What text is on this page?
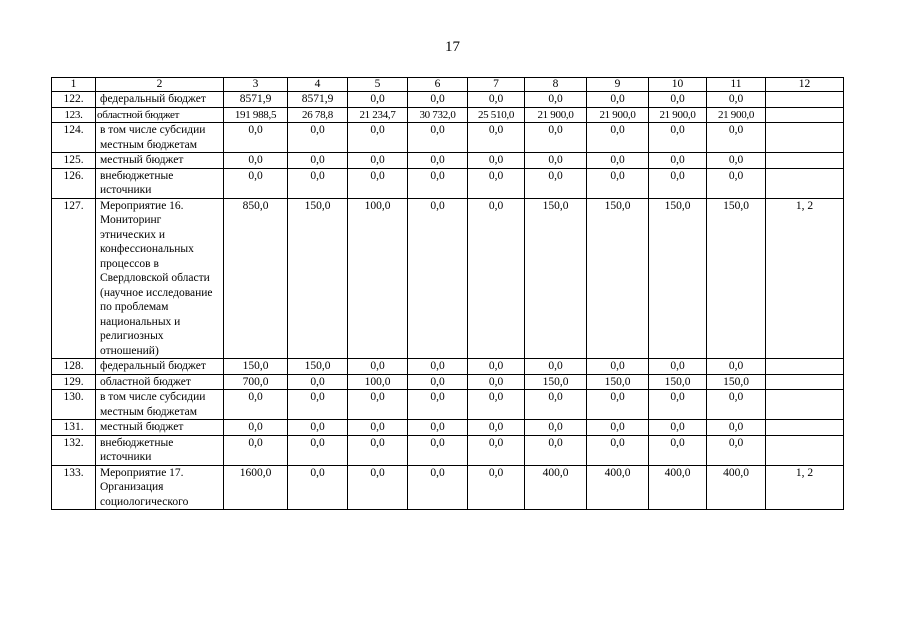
17
1	2	3	4	5	6	7	8	9	10	11	12
122.	федеральный бюджет	8571,9	8571,9	0,0	0,0	0,0	0,0	0,0	0,0	0,0	
123.	областной бюджет	191 988,5	26 78,8	21 234,7	30 732,0	25 510,0	21 900,0	21 900,0	21 900,0	21 900,0	
124.	в том числе субсидии местным бюджетам	0,0	0,0	0,0	0,0	0,0	0,0	0,0	0,0	0,0	
125.	местный бюджет	0,0	0,0	0,0	0,0	0,0	0,0	0,0	0,0	0,0	
126.	внебюджетные источники	0,0	0,0	0,0	0,0	0,0	0,0	0,0	0,0	0,0	
127.	Мероприятие 16. Мониторинг этнических и конфессиональных процессов в Свердловской области (научное исследование по проблемам национальных и религиозных отношений)	850,0	150,0	100,0	0,0	0,0	150,0	150,0	150,0	150,0	1, 2
128.	федеральный бюджет	150,0	150,0	0,0	0,0	0,0	0,0	0,0	0,0	0,0	
129.	областной бюджет	700,0	0,0	100,0	0,0	0,0	150,0	150,0	150,0	150,0	
130.	в том числе субсидии местным бюджетам	0,0	0,0	0,0	0,0	0,0	0,0	0,0	0,0	0,0	
131.	местный бюджет	0,0	0,0	0,0	0,0	0,0	0,0	0,0	0,0	0,0	
132.	внебюджетные источники	0,0	0,0	0,0	0,0	0,0	0,0	0,0	0,0	0,0	
133.	Мероприятие 17. Организация социологического	1600,0	0,0	0,0	0,0	0,0	400,0	400,0	400,0	400,0	1, 2
